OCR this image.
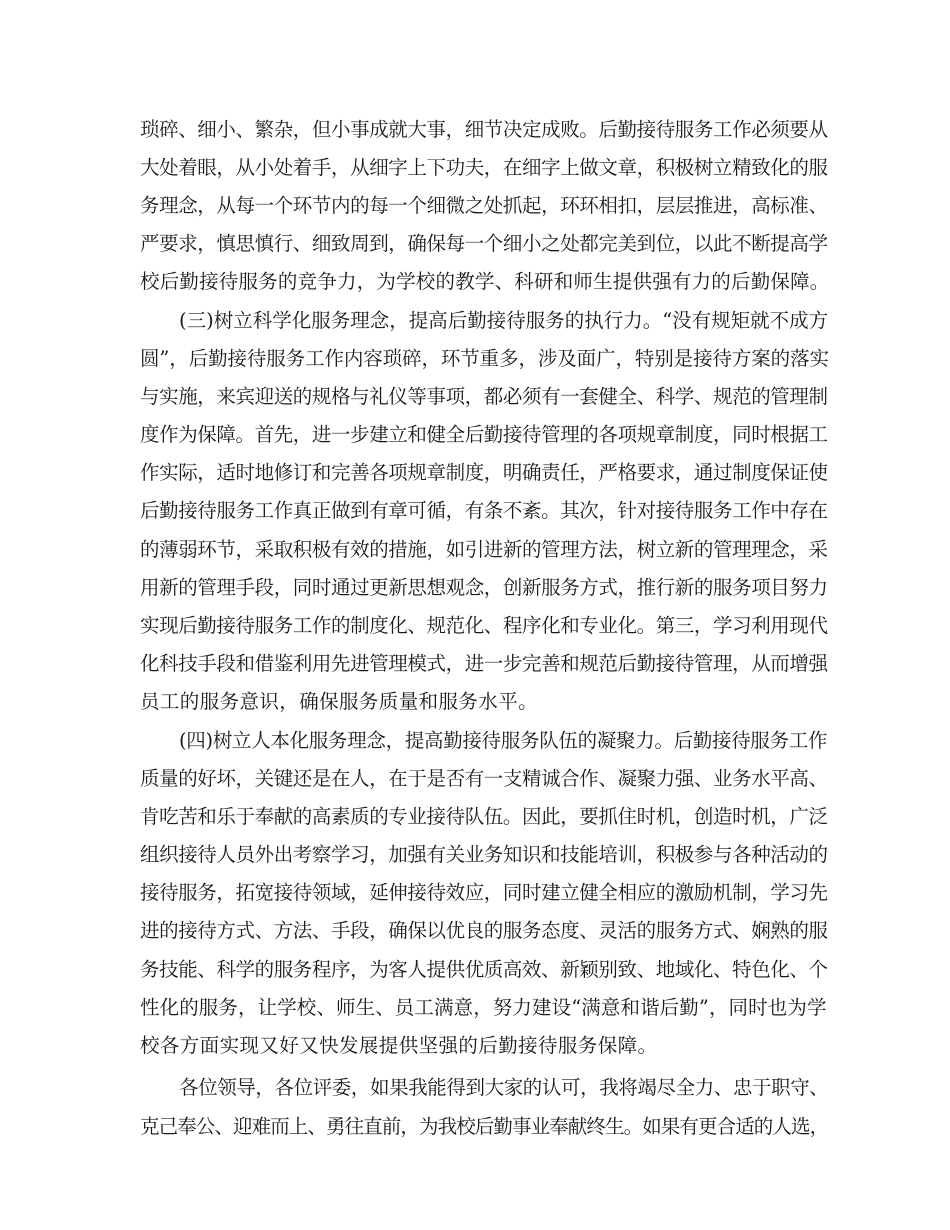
琐碎、细小、繁杂，但小事成就大事，细节决定成败。后勤接待服务工作必须要从
大处着眼，从小处着手，从细字上下功夫，在细字上做文章，积极树立精致化的服
务理念，从每一个环节内的每一个细微之处抓起，环环相扣，层层推进，高标准、
严要求，慎思慎行、细致周到，确保每一个细小之处都完美到位，以此不断提高学
校后勤接待服务的竞争力，为学校的教学、科研和师生提供强有力的后勤保障。
(三)树立科学化服务理念，提高后勤接待服务的执行力。“没有规矩就不成方
圆”，后勤接待服务工作内容琐碎，环节重多，涉及面广，特别是接待方案的落实
与实施，来宾迎送的规格与礼仪等事项，都必须有一套健全、科学、规范的管理制
度作为保障。首先，进一步建立和健全后勤接待管理的各项规章制度，同时根据工
作实际，适时地修订和完善各项规章制度，明确责任，严格要求，通过制度保证使
后勤接待服务工作真正做到有章可循，有条不紊。其次，针对接待服务工作中存在
的薄弱环节，采取积极有效的措施，如引进新的管理方法，树立新的管理理念，采
用新的管理手段，同时通过更新思想观念，创新服务方式，推行新的服务项目努力
实现后勤接待服务工作的制度化、规范化、程序化和专业化。第三，学习利用现代
化科技手段和借鉴利用先进管理模式，进一步完善和规范后勤接待管理，从而增强
员工的服务意识，确保服务质量和服务水平。
(四)树立人本化服务理念，提高勤接待服务队伍的凝聚力。后勤接待服务工作
质量的好坏，关键还是在人，在于是否有一支精诚合作、凝聚力强、业务水平高、
肯吃苦和乐于奉献的高素质的专业接待队伍。因此，要抓住时机，创造时机，广泛
组织接待人员外出考察学习，加强有关业务知识和技能培训，积极参与各种活动的
接待服务，拓宽接待领域，延伸接待效应，同时建立健全相应的激励机制，学习先
进的接待方式、方法、手段，确保以优良的服务态度、灵活的服务方式、娴熟的服
务技能、科学的服务程序，为客人提供优质高效、新颖别致、地域化、特色化、个
性化的服务，让学校、师生、员工满意，努力建设“满意和谐后勤”，同时也为学
校各方面实现又好又快发展提供坚强的后勤接待服务保障。
各位领导，各位评委，如果我能得到大家的认可，我将竭尽全力、忠于职守、
克己奉公、迎难而上、勇往直前，为我校后勤事业奉献终生。如果有更合适的人选，
